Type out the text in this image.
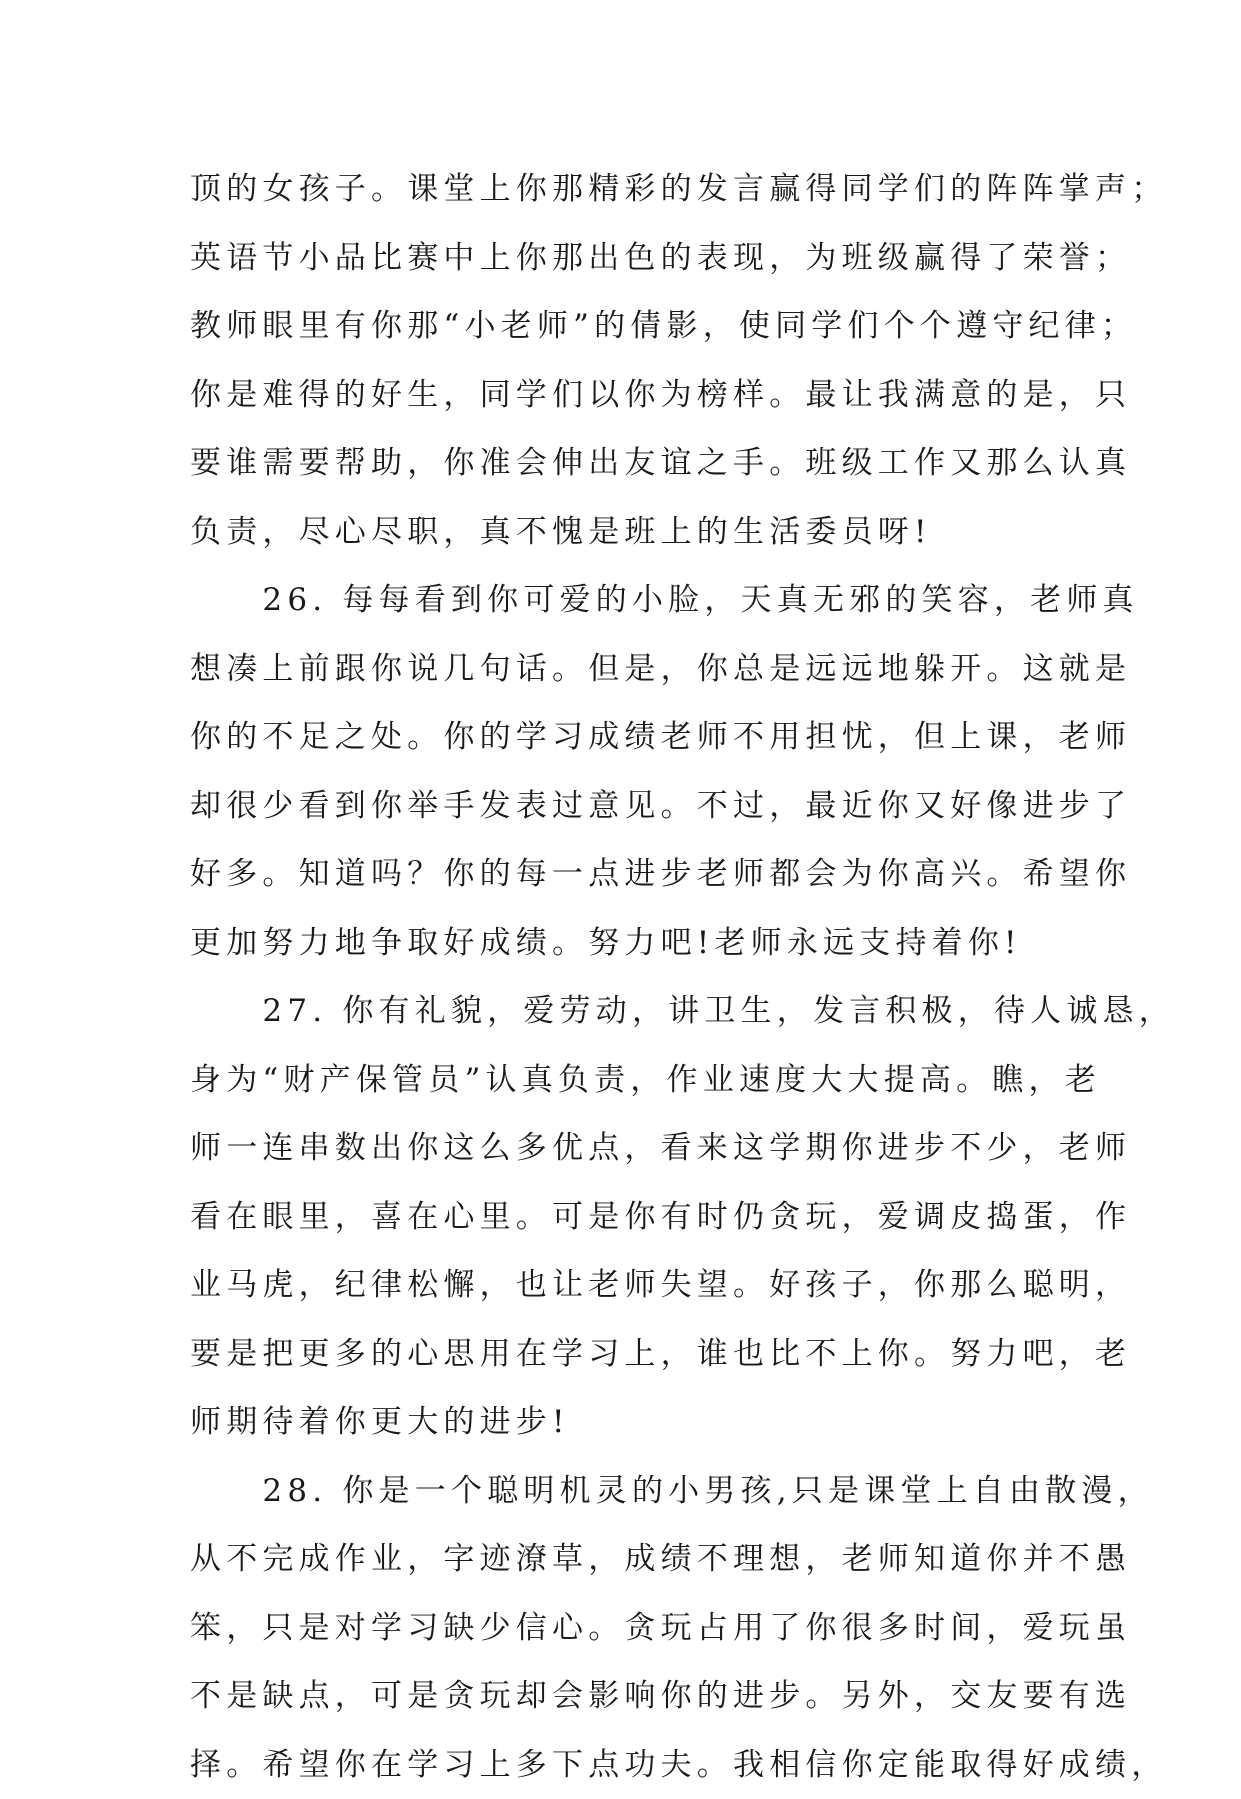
顶的女孩子。课堂上你那精彩的发言赢得同学们的阵阵掌声；
英语节小品比赛中上你那出色的表现，为班级赢得了荣誉；
教师眼里有你那“小老师”的倩影，使同学们个个遵守纪律；
你是难得的好生，同学们以你为榜样。最让我满意的是，只
要谁需要帮助，你准会伸出友谊之手。班级工作又那么认真
负责，尽心尽职，真不愧是班上的生活委员呀!
　　26. 每每看到你可爱的小脸，天真无邪的笑容，老师真
想凑上前跟你说几句话。但是，你总是远远地躲开。这就是
你的不足之处。你的学习成绩老师不用担忧，但上课，老师
却很少看到你举手发表过意见。不过，最近你又好像进步了
好多。知道吗？你的每一点进步老师都会为你高兴。希望你
更加努力地争取好成绩。努力吧!老师永远支持着你!
　　27. 你有礼貌，爱劳动，讲卫生，发言积极，待人诚恳，
身为“财产保管员”认真负责，作业速度大大提高。瞧，老
师一连串数出你这么多优点，看来这学期你进步不少，老师
看在眼里，喜在心里。可是你有时仍贪玩，爱调皮捣蛋，作
业马虎，纪律松懈，也让老师失望。好孩子，你那么聪明，
要是把更多的心思用在学习上，谁也比不上你。努力吧，老
师期待着你更大的进步!
　　28. 你是一个聪明机灵的小男孩,只是课堂上自由散漫，
从不完成作业，字迹潦草，成绩不理想，老师知道你并不愚
笨，只是对学习缺少信心。贪玩占用了你很多时间，爱玩虽
不是缺点，可是贪玩却会影响你的进步。另外，交友要有选
择。希望你在学习上多下点功夫。我相信你定能取得好成绩，
